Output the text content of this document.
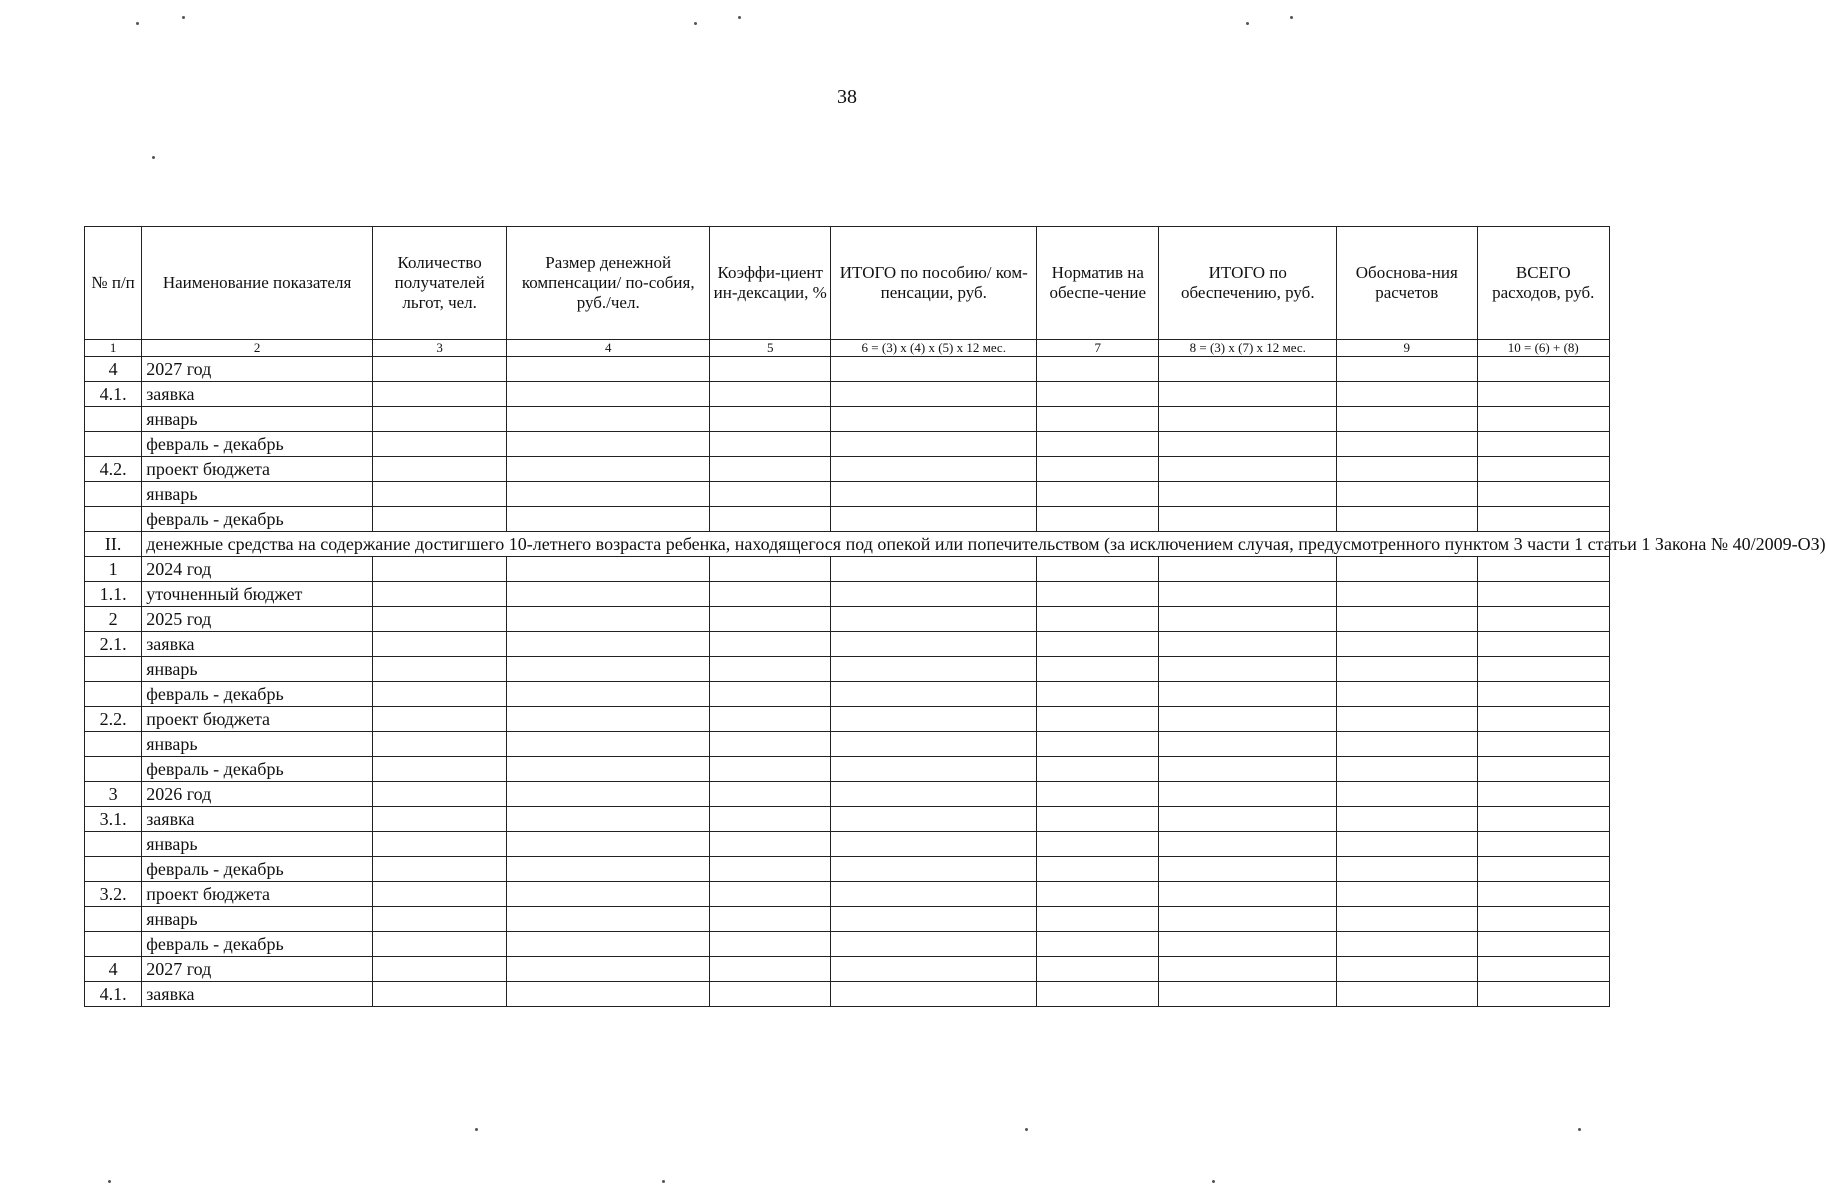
38
№ п/п	Наименование показателя	Количество получателей льгот, чел.	Размер денежной компенсации/ по-собия, руб./чел.	Коэффи-циент ин-дексации, %	ИТОГО по пособию/ ком-пенсации, руб.	Норматив на обеспе-чение	ИТОГО по обеспечению, руб.	Обоснова-ния расчетов	ВСЕГО расходов, руб.
1	2	3	4	5	6 = (3) x (4) x (5) x 12 мес.	7	8 = (3) x (7) x 12 мес.	9	10 = (6) + (8)
4	2027 год								
4.1.	заявка								
	январь								
	февраль - декабрь								
4.2.	проект бюджета								
	январь								
	февраль - декабрь								
II.	денежные средства на содержание достигшего 10-летнего возраста ребенка, находящегося под опекой или попечительством (за исключением случая, предусмотренного пунктом 3 части 1 статьи 1 Закона № 40/2009-ОЗ)								
1	2024 год								
1.1.	уточненный бюджет								
2	2025 год								
2.1.	заявка								
	январь								
	февраль - декабрь								
2.2.	проект бюджета								
	январь								
	февраль - декабрь								
3	2026 год								
3.1.	заявка								
	январь								
	февраль - декабрь								
3.2.	проект бюджета								
	январь								
	февраль - декабрь								
4	2027 год								
4.1.	заявка								
